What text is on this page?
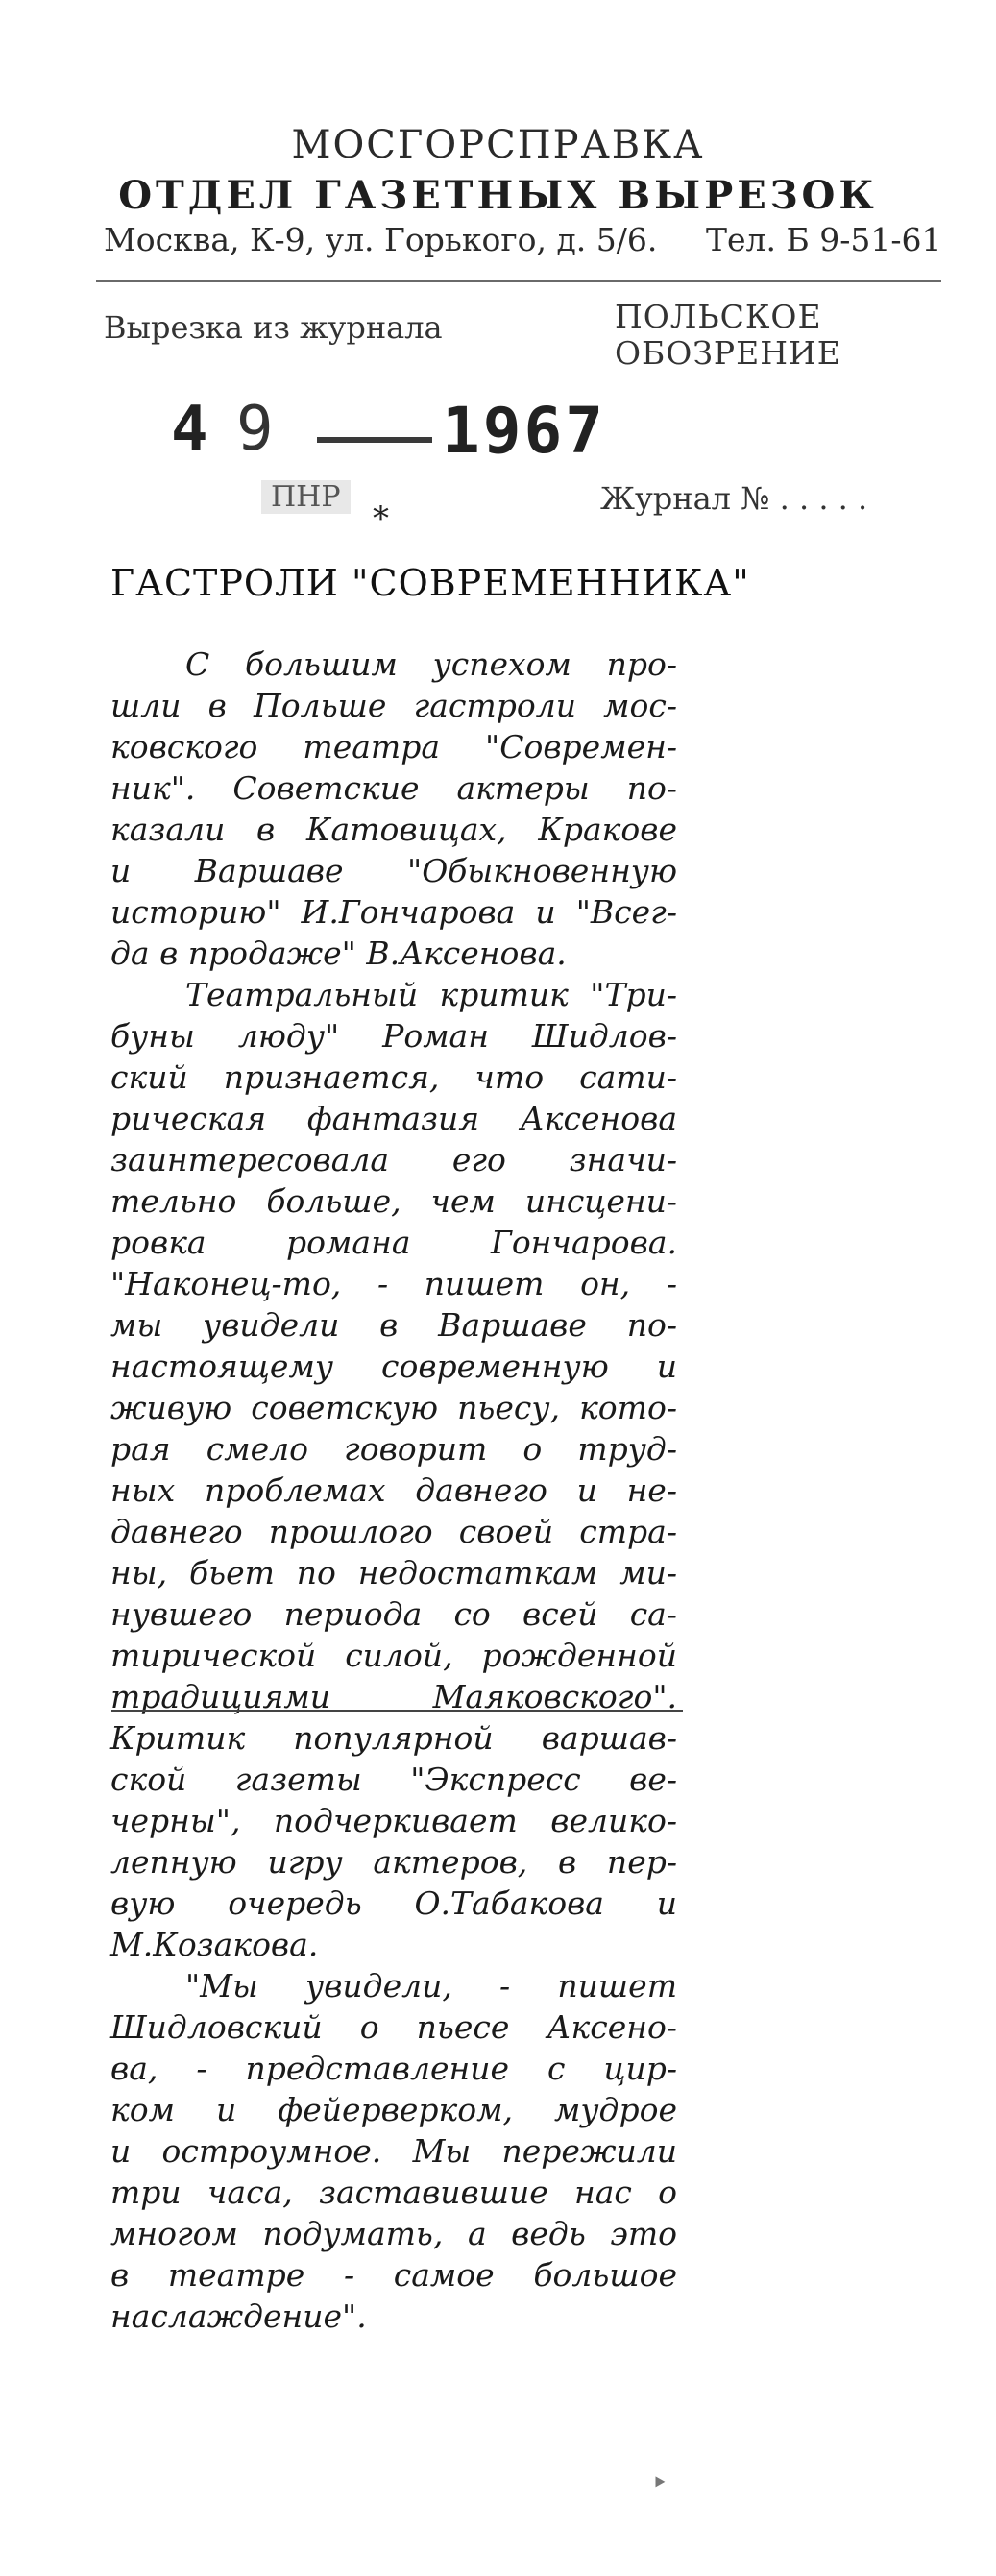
МОСГОРСПРАВКА
ОТДЕЛ ГАЗЕТНЫХ ВЫРЕЗОК
Москва, К-9, ул. Горького, д. 5/6. Тел. Б 9-51-61
Вырезка из журнала	ПОЛЬСКОЕ
ОБОЗРЕНИЕ
4 9	1967
ПНР
*
Журнал № . . . . .
ГАСТРОЛИ "СОВРЕМЕННИКА"

С большим успехом про-
шли в Польше гастроли мос-
ковского театра "Современ-
ник". Советские актеры по-
казали в Катовицах, Кракове
и Варшаве "Обыкновенную
историю" И.Гончарова и "Всег-
да в продаже" В.Аксенова.

Театральный критик "Три-
буны люду" Роман Шидлов-
ский признается, что сати-
рическая фантазия Аксенова
заинтересовала его значи-
тельно больше, чем инсцени-
ровка романа Гончарова.
"Наконец-то, - пишет он, -
мы увидели в Варшаве по-
настоящему современную и
живую советскую пьесу, кото-
рая смело говорит о труд-
ных проблемах давнего и не-
давнего прошлого своей стра-
ны, бьет по недостаткам ми-
нувшего периода со всей са-
тирической силой, рожденной
традициями Маяковского".
Критик популярной варшав-
ской газеты "Экспресс ве-
черны", подчеркивает велико-
лепную игру актеров, в пер-
вую очередь О.Табакова и
М.Козакова.

"Мы увидели, - пишет
Шидловский о пьесе Аксено-
ва, - представление с цир-
ком и фейерверком, мудрое
и остроумное. Мы пережили
три часа, заставившие нас о
многом подумать, а ведь это
в театре - самое большое
наслаждение".

‣
